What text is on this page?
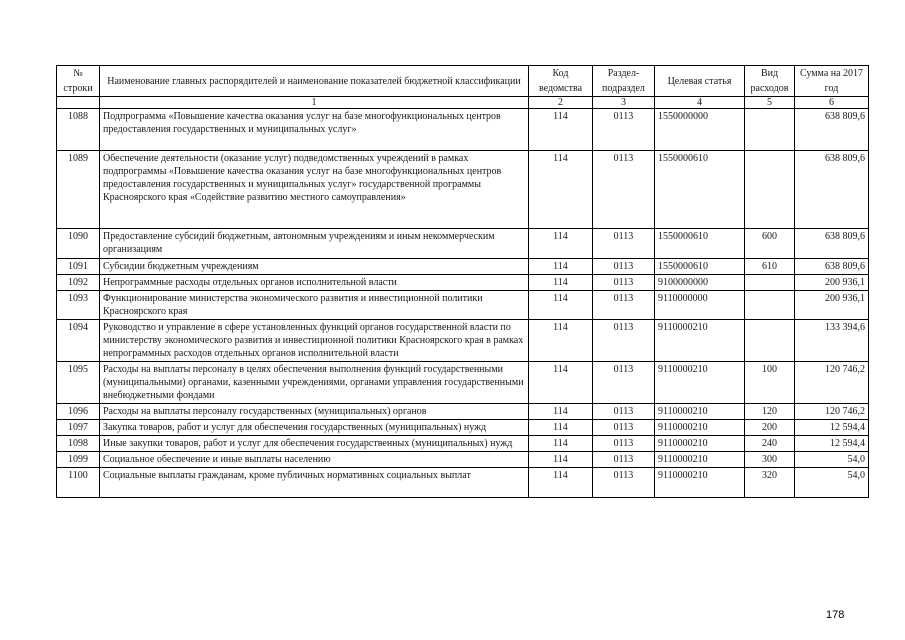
№ строки	Наименование главных распорядителей и наименование показателей бюджетной классификации	Код ведомства	Раздел-подраздел	Целевая статья	Вид расходов	Сумма на 2017 год
	1	2	3	4	5	6
1088	Подпрограмма «Повышение качества оказания услуг на базе многофункциональных центров предоставления государственных и муниципальных услуг»	114	0113	1550000000		638 809,6
1089	Обеспечение деятельности (оказание услуг) подведомственных учреждений в рамках подпрограммы «Повышение качества оказания услуг на базе многофункциональных центров предоставления государственных и муниципальных услуг» государственной программы Красноярского края «Содействие развитию местного самоуправления»	114	0113	1550000610		638 809,6
1090	Предоставление субсидий бюджетным, автономным учреждениям и иным некоммерческим организациям	114	0113	1550000610	600	638 809,6
1091	Субсидии бюджетным учреждениям	114	0113	1550000610	610	638 809,6
1092	Непрограммные расходы отдельных органов исполнительной власти	114	0113	9100000000		200 936,1
1093	Функционирование министерства экономического развития и инвестиционной политики Красноярского края	114	0113	9110000000		200 936,1
1094	Руководство и управление в сфере установленных функций органов государственной власти по министерству экономического развития и инвестиционной политики Красноярского края в рамках непрограммных расходов отдельных органов исполнительной власти	114	0113	9110000210		133 394,6
1095	Расходы на выплаты персоналу в целях обеспечения выполнения функций государственными (муниципальными) органами, казенными учреждениями, органами управления государственными внебюджетными фондами	114	0113	9110000210	100	120 746,2
1096	Расходы на выплаты персоналу государственных (муниципальных) органов	114	0113	9110000210	120	120 746,2
1097	Закупка товаров, работ и услуг для обеспечения государственных (муниципальных) нужд	114	0113	9110000210	200	12 594,4
1098	Иные закупки товаров, работ и услуг для обеспечения государственных (муниципальных) нужд	114	0113	9110000210	240	12 594,4
1099	Социальное обеспечение и иные выплаты населению	114	0113	9110000210	300	54,0
1100	Социальные выплаты гражданам, кроме публичных нормативных социальных выплат	114	0113	9110000210	320	54,0
178
